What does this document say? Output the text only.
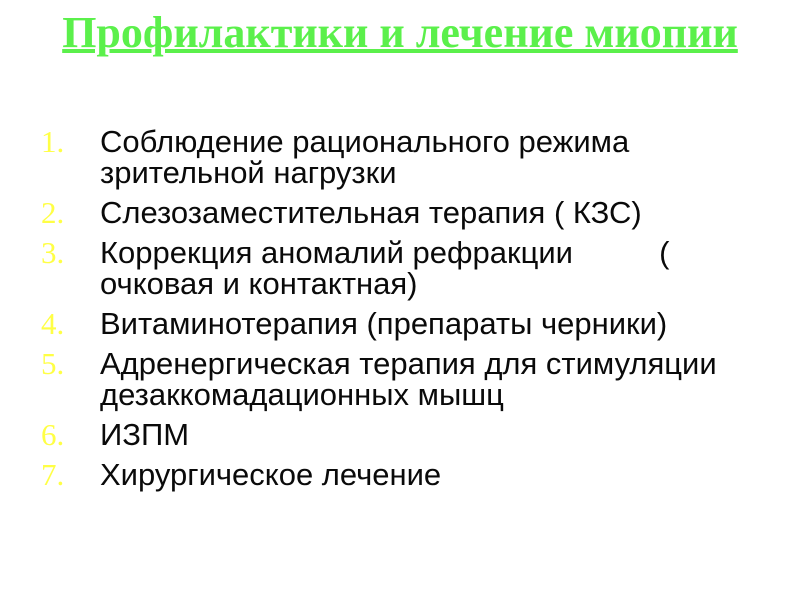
Профилактики и лечение миопии
1. Соблюдение рационального режима
зрительной нагрузки
2. Слезозаместительная терапия ( КЗС)
3. Коррекция аномалий рефракции          (
очковая и контактная)
4. Витаминотерапия (препараты черники)
5. Адренергическая терапия для стимуляции
дезаккомадационных мышц
6. ИЗПМ
7. Хирургическое лечение
